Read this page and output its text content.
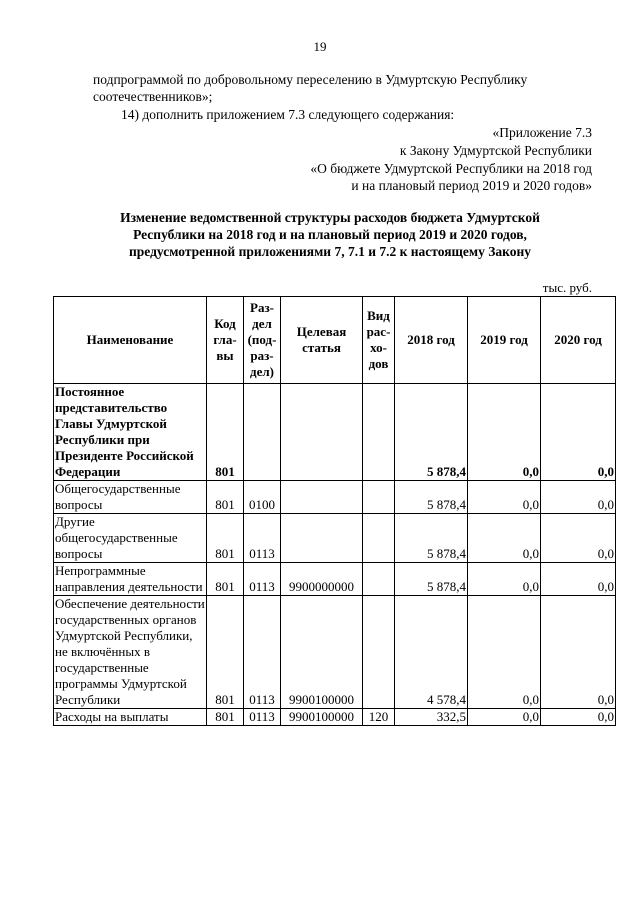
19
подпрограммой по добровольному переселению в Удмуртскую Республику
соотечественников»;
14) дополнить приложением 7.3 следующего содержания:
«Приложение 7.3
к Закону Удмуртской Республики
«О бюджете Удмуртской Республики на 2018 год
и на плановый период 2019 и 2020 годов»
Изменение ведомственной структуры расходов бюджета Удмуртской
Республики на 2018 год и на плановый период 2019 и 2020 годов,
предусмотренной приложениями 7, 7.1 и 7.2 к настоящему Закону
тыс. руб.
Наименование	Код гла- вы	Раз- дел (под- раз- дел)	Целевая статья	Вид рас- хо- дов	2018 год	2019 год	2020 год
Постоянное представительство Главы Удмуртской Республики при Президенте Российской Федерации	801				5 878,4	0,0	0,0
Общегосударственные вопросы	801	0100			5 878,4	0,0	0,0
Другие общегосударственные вопросы	801	0113			5 878,4	0,0	0,0
Непрограммные направления деятельности	801	0113	9900000000		5 878,4	0,0	0,0
Обеспечение деятельности государственных органов Удмуртской Республики, не включённых в государственные программы Удмуртской Республики	801	0113	9900100000		4 578,4	0,0	0,0
Расходы на выплаты	801	0113	9900100000	120	332,5	0,0	0,0
